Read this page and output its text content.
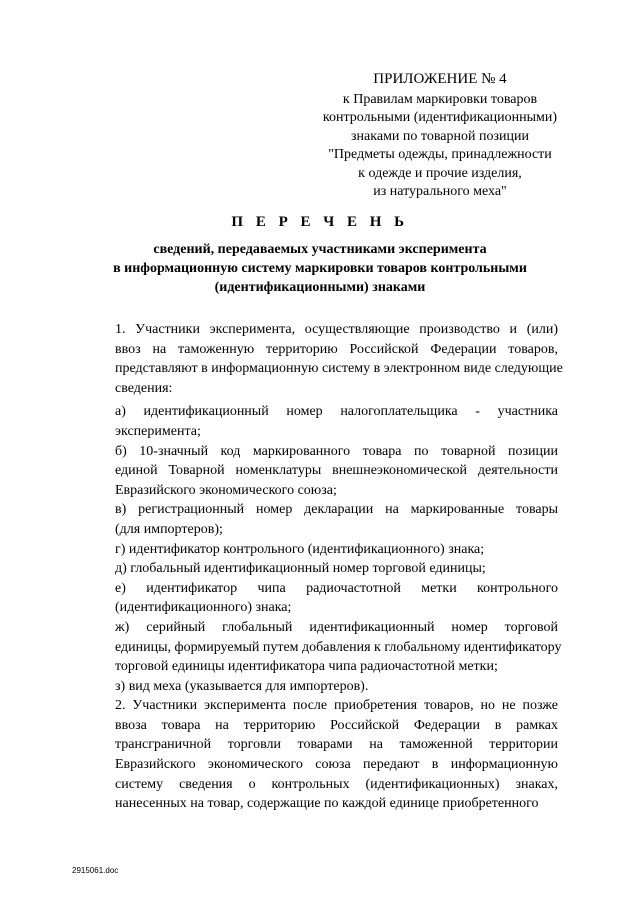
ПРИЛОЖЕНИЕ № 4
к Правилам маркировки товаров
контрольными (идентификационными)
знаками по товарной позиции
"Предметы одежды, принадлежности
к одежде и прочие изделия,
из натурального меха"
П Е Р Е Ч Е Н Ь
сведений, передаваемых участниками эксперимента
в информационную систему маркировки товаров контрольными
(идентификационными) знаками
1. Участники эксперимента, осуществляющие производство и (или)
ввоз на таможенную территорию Российской Федерации товаров,
представляют в информационную систему в электронном виде следующие
сведения:
а) идентификационный номер налогоплательщика - участника
эксперимента;
б) 10-значный код маркированного товара по товарной позиции
единой Товарной номенклатуры внешнеэкономической деятельности
Евразийского экономического союза;
в) регистрационный номер декларации на маркированные товары
(для импортеров);
г) идентификатор контрольного (идентификационного) знака;
д) глобальный идентификационный номер торговой единицы;
е) идентификатор чипа радиочастотной метки контрольного
(идентификационного) знака;
ж) серийный глобальный идентификационный номер торговой
единицы, формируемый путем добавления к глобальному идентификатору
торговой единицы идентификатора чипа радиочастотной метки;
з) вид меха (указывается для импортеров).
2. Участники эксперимента после приобретения товаров, но не позже
ввоза товара на территорию Российской Федерации в рамках
трансграничной торговли товарами на таможенной территории
Евразийского экономического союза передают в информационную
систему сведения о контрольных (идентификационных) знаках,
нанесенных на товар, содержащие по каждой единице приобретенного
2915061.doc
